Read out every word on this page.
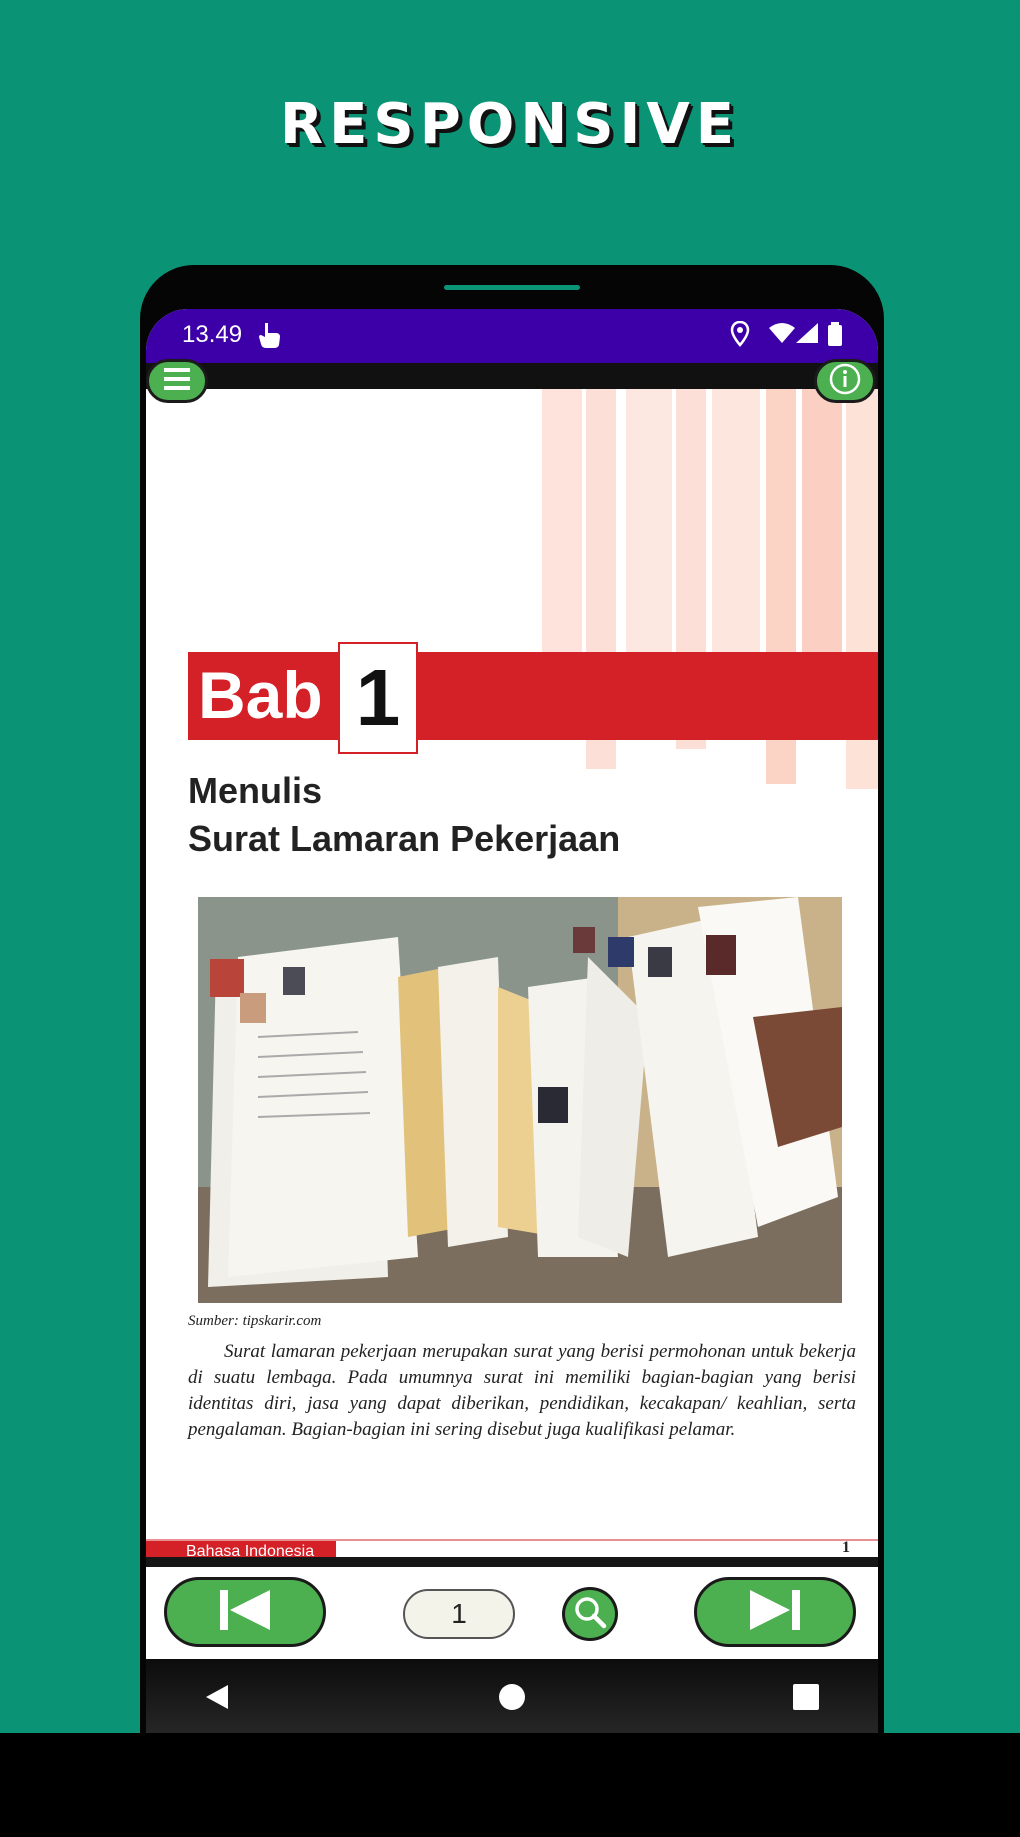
RESPONSIVE
13.49
Bab 1
Menulis
Surat Lamaran Pekerjaan
Sumber: tipskarir.com
Surat lamaran pekerjaan merupakan surat yang berisi permohonan untuk bekerja di suatu lembaga. Pada umumnya surat ini memiliki bagian-bagian yang berisi identitas diri, jasa yang dapat diberikan, pendidikan, kecakapan/ keahlian, serta pengalaman. Bagian-bagian ini sering disebut juga kualifikasi pelamar.
Bahasa Indonesia	1
1
